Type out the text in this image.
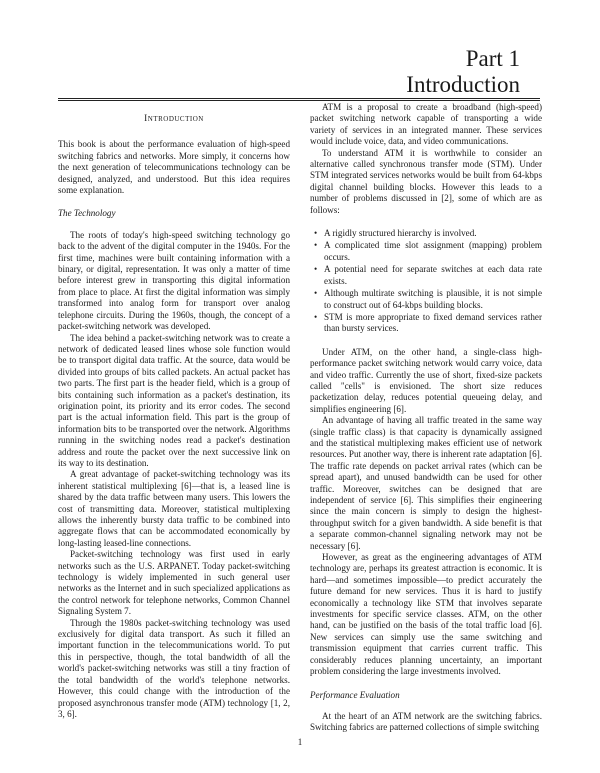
Part 1
Introduction
Introduction

This book is about the performance evaluation of high-speed switching fabrics and networks. More simply, it concerns how the next generation of telecommunications technology can be designed, analyzed, and understood. But this idea requires some explanation.

The Technology

The roots of today's high-speed switching technology go back to the advent of the digital computer in the 1940s. For the first time, machines were built containing information with a binary, or digital, representation. It was only a matter of time before interest grew in transporting this digital information from place to place. At first the digital information was simply transformed into analog form for transport over analog telephone circuits. During the 1960s, though, the concept of a packet-switching network was developed.

The idea behind a packet-switching network was to create a network of dedicated leased lines whose sole function would be to transport digital data traffic. At the source, data would be divided into groups of bits called packets. An actual packet has two parts. The first part is the header field, which is a group of bits containing such information as a packet's destination, its origination point, its priority and its error codes. The second part is the actual information field. This part is the group of information bits to be transported over the network. Algorithms running in the switching nodes read a packet's destination address and route the packet over the next successive link on its way to its destination.

A great advantage of packet-switching technology was its inherent statistical multiplexing [6]—that is, a leased line is shared by the data traffic between many users. This lowers the cost of transmitting data. Moreover, statistical multiplexing allows the inherently bursty data traffic to be combined into aggregate flows that can be accommodated economically by long-lasting leased-line connections.

Packet-switching technology was first used in early networks such as the U.S. ARPANET. Today packet-switching technology is widely implemented in such general user networks as the Internet and in such specialized applications as the control network for telephone networks, Common Channel Signaling System 7.

Through the 1980s packet-switching technology was used exclusively for digital data transport. As such it filled an important function in the telecommunications world. To put this in perspective, though, the total bandwidth of all the world's packet-switching networks was still a tiny fraction of the total bandwidth of the world's telephone networks. However, this could change with the introduction of the proposed asynchronous transfer mode (ATM) technology [1, 2, 3, 6].

ATM is a proposal to create a broadband (high-speed) packet switching network capable of transporting a wide variety of services in an integrated manner. These services would include voice, data, and video communications.

To understand ATM it is worthwhile to consider an alternative called synchronous transfer mode (STM). Under STM integrated services networks would be built from 64-kbps digital channel building blocks. However this leads to a number of problems discussed in [2], some of which are as follows:

• A rigidly structured hierarchy is involved.
• A complicated time slot assignment (mapping) problem occurs.
• A potential need for separate switches at each data rate exists.
• Although multirate switching is plausible, it is not simple to construct out of 64-kbps building blocks.
• STM is more appropriate to fixed demand services rather than bursty services.

Under ATM, on the other hand, a single-class high-performance packet switching network would carry voice, data and video traffic. Currently the use of short, fixed-size packets called "cells" is envisioned. The short size reduces packetization delay, reduces potential queueing delay, and simplifies engineering [6].

An advantage of having all traffic treated in the same way (single traffic class) is that capacity is dynamically assigned and the statistical multiplexing makes efficient use of network resources. Put another way, there is inherent rate adaptation [6]. The traffic rate depends on packet arrival rates (which can be spread apart), and unused bandwidth can be used for other traffic. Moreover, switches can be designed that are independent of service [6]. This simplifies their engineering since the main concern is simply to design the highest-throughput switch for a given bandwidth. A side benefit is that a separate common-channel signaling network may not be necessary [6].

However, as great as the engineering advantages of ATM technology are, perhaps its greatest attraction is economic. It is hard—and sometimes impossible—to predict accurately the future demand for new services. Thus it is hard to justify economically a technology like STM that involves separate investments for specific service classes. ATM, on the other hand, can be justified on the basis of the total traffic load [6]. New services can simply use the same switching and transmission equipment that carries current traffic. This considerably reduces planning uncertainty, an important problem considering the large investments involved.

Performance Evaluation

At the heart of an ATM network are the switching fabrics. Switching fabrics are patterned collections of simple switching

1
